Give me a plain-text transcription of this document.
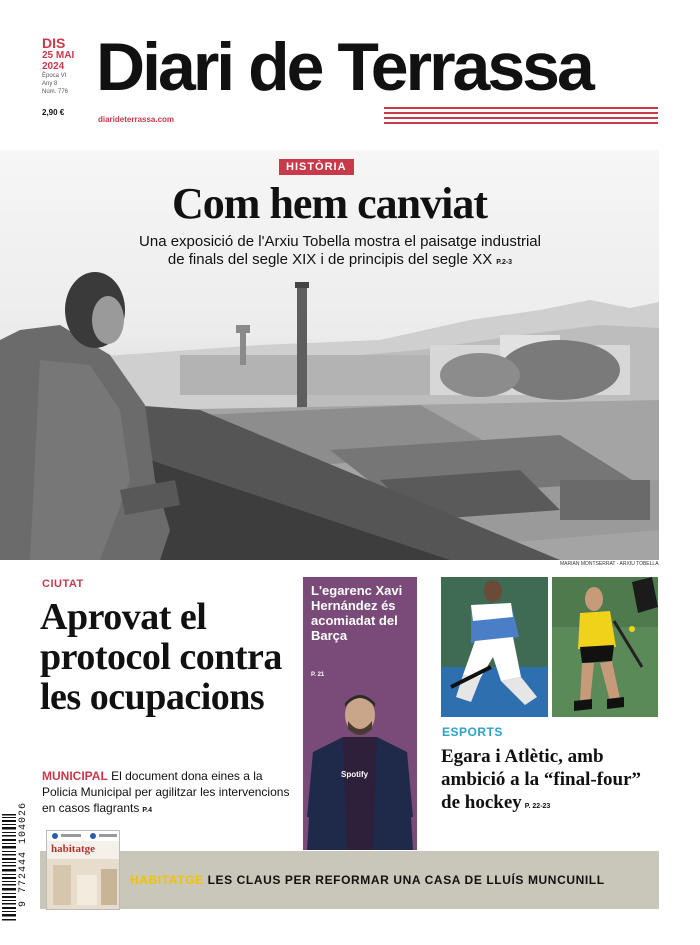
DIS
25 MAI
2024
Època VI
Any 8
Núm. 776
2,90 €
Diari de Terrassa
diarideterrassa.com
HISTÒRIA
Com hem canviat
Una exposició de l'Arxiu Tobella mostra el paisatge industrial
de finals del segle XIX i de principis del segle XX P.2-3
MARIAN MONTSERRAT - ARXIU TOBELLA
CIUTAT
Aprovat el protocol contra les ocupacions
MUNICIPAL El document dona eines a la Policia Municipal per agilitzar les intervencions en casos flagrants P.4
L'egarenc Xavi Hernández és acomiadat del Barça
P. 21
Spotify
ESPORTS
Egara i Atlètic, amb ambició a la “final-four” de hockey P. 22-23
9 772444 104026 habitatge
HABITATGE LES CLAUS PER REFORMAR UNA CASA DE LLUÍS MUNCUNILL
